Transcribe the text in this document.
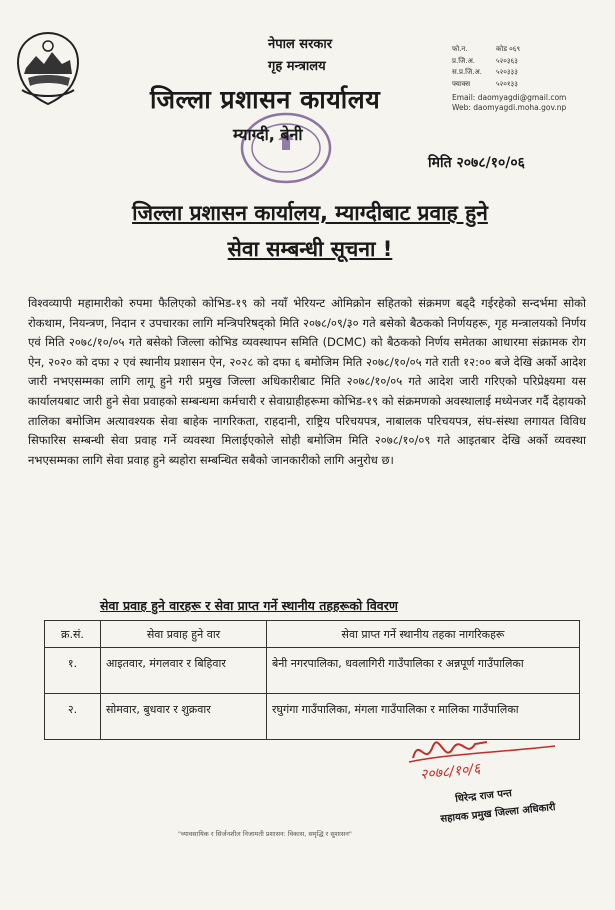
नेपाल सरकार
गृह मन्त्रालय
जिल्ला प्रशासन कार्यालय
म्याग्दी, बेनी
फो.न.	कोड ०६९
प्र.जि.अ.	५२०३६३
स.प्र.जि.अ.	५२०३३३
फ्याक्स	५२०१३३
Email: daomyagdi@gmail.com
Web: daomyagdi.moha.gov.np
मिति २०७८/१०/०६
जिल्ला प्रशासन कार्यालय, म्याग्दीबाट प्रवाह हुने
सेवा सम्बन्धी सूचना !
विश्वव्यापी महामारीको रुपमा फैलिएको कोभिड-१९ को नयाँ भेरियन्ट ओमिक्रोन सहितको संक्रमण बढ्दै गईरहेको सन्दर्भमा सोको रोकथाम, नियन्त्रण, निदान र उपचारका लागि मन्त्रिपरिषद्को मिति २०७८/०९/३० गते बसेको बैठकको निर्णयहरू, गृह मन्त्रालयको निर्णय एवं मिति २०७८/१०/०५ गते बसेको जिल्ला कोभिड व्यवस्थापन समिति (DCMC) को बैठकको निर्णय समेतका आधारमा संक्रामक रोग ऐन, २०२० को दफा २ एवं स्थानीय प्रशासन ऐन, २०२८ को दफा ६ बमोजिम मिति २०७८/१०/०५ गते राती १२:०० बजे देखि अर्को आदेश जारी नभएसम्मका लागि लागू हुने गरी प्रमुख जिल्ला अधिकारीबाट मिति २०७८/१०/०५ गते आदेश जारी गरिएको परिप्रेक्ष्यमा यस कार्यालयबाट जारी हुने सेवा प्रवाहको सम्बन्धमा कर्मचारी र सेवाग्राहीहरूमा कोभिड-१९ को संक्रमणको अवस्थालाई मध्येनजर गर्दै देहायको तालिका बमोजिम अत्यावश्यक सेवा बाहेक नागरिकता, राहदानी, राष्ट्रिय परिचयपत्र, नाबालक परिचयपत्र, संघ-संस्था लगायत विविध सिफारिस सम्बन्धी सेवा प्रवाह गर्ने व्यवस्था मिलाईएकोले सोही बमोजिम मिति २०७८/१०/०९ गते आइतबार देखि अर्को व्यवस्था नभएसम्मका लागि सेवा प्रवाह हुने ब्यहोरा सम्बन्धित सबैको जानकारीको लागि अनुरोध छ।
सेवा प्रवाह हुने वारहरू र सेवा प्राप्त गर्ने स्थानीय तहहरूको विवरण
क्र.सं.	सेवा प्रवाह हुने वार	सेवा प्राप्त गर्ने स्थानीय तहका नागरिकहरू
१.	आइतवार, मंगलवार र बिहिवार	बेनी नगरपालिका, धवलागिरी गाउँपालिका र अन्नपूर्ण गाउँपालिका
२.	सोमवार, बुधवार र शुक्रवार	रघुगंगा गाउँपालिका, मंगला गाउँपालिका र मालिका गाउँपालिका
२०७८/१०/६
धिरेन्द्र राज पन्त
सहायक प्रमुख जिल्ला अधिकारी
"व्यावसायिक र सिर्जनशील निजामती प्रशासन: विकास, समृद्धि र सुशासन"
